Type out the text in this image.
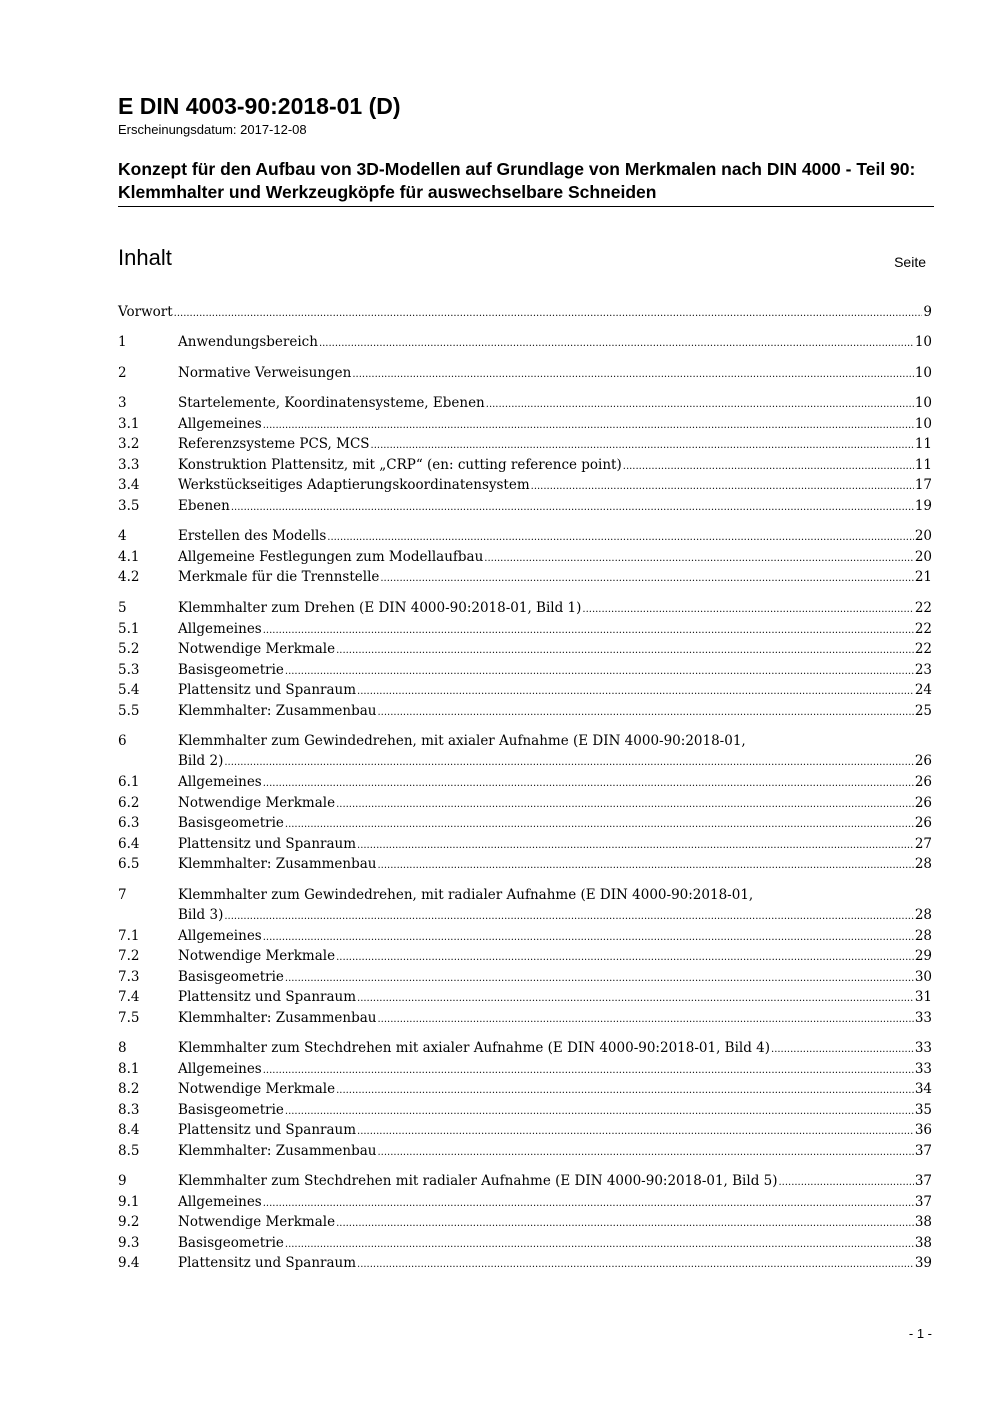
E DIN 4003-90:2018-01 (D)
Erscheinungsdatum: 2017-12-08
Konzept für den Aufbau von 3D-Modellen auf Grundlage von Merkmalen nach DIN 4000 - Teil 90: Klemmhalter und Werkzeugköpfe für auswechselbare Schneiden
Inhalt	Seite
Vorwort .....	9
1	Anwendungsbereich .....	10
2	Normative Verweisungen .....	10
3	Startelemente, Koordinatensysteme, Ebenen .....	10
3.1	Allgemeines .....	10
3.2	Referenzsysteme PCS, MCS .....	11
3.3	Konstruktion Plattensitz, mit „CRP“ (en: cutting reference point) .....	11
3.4	Werkstückseitiges Adaptierungskoordinatensystem .....	17
3.5	Ebenen .....	19
4	Erstellen des Modells .....	20
4.1	Allgemeine Festlegungen zum Modellaufbau .....	20
4.2	Merkmale für die Trennstelle .....	21
5	Klemmhalter zum Drehen (E DIN 4000-90:2018-01, Bild 1) .....	22
5.1	Allgemeines .....	22
5.2	Notwendige Merkmale .....	22
5.3	Basisgeometrie .....	23
5.4	Plattensitz und Spanraum .....	24
5.5	Klemmhalter: Zusammenbau .....	25
6	Klemmhalter zum Gewindedrehen, mit axialer Aufnahme (E DIN 4000-90:2018-01,
Bild 2) .....	26
6.1	Allgemeines .....	26
6.2	Notwendige Merkmale .....	26
6.3	Basisgeometrie .....	26
6.4	Plattensitz und Spanraum .....	27
6.5	Klemmhalter: Zusammenbau .....	28
7	Klemmhalter zum Gewindedrehen, mit radialer Aufnahme (E DIN 4000-90:2018-01,
Bild 3) .....	28
7.1	Allgemeines .....	28
7.2	Notwendige Merkmale .....	29
7.3	Basisgeometrie .....	30
7.4	Plattensitz und Spanraum .....	31
7.5	Klemmhalter: Zusammenbau .....	33
8	Klemmhalter zum Stechdrehen mit axialer Aufnahme (E DIN 4000-90:2018-01, Bild 4) .....	33
8.1	Allgemeines .....	33
8.2	Notwendige Merkmale .....	34
8.3	Basisgeometrie .....	35
8.4	Plattensitz und Spanraum .....	36
8.5	Klemmhalter: Zusammenbau .....	37
9	Klemmhalter zum Stechdrehen mit radialer Aufnahme (E DIN 4000-90:2018-01, Bild 5) .....	37
9.1	Allgemeines .....	37
9.2	Notwendige Merkmale .....	38
9.3	Basisgeometrie .....	38
9.4	Plattensitz und Spanraum .....	39
- 1 -
